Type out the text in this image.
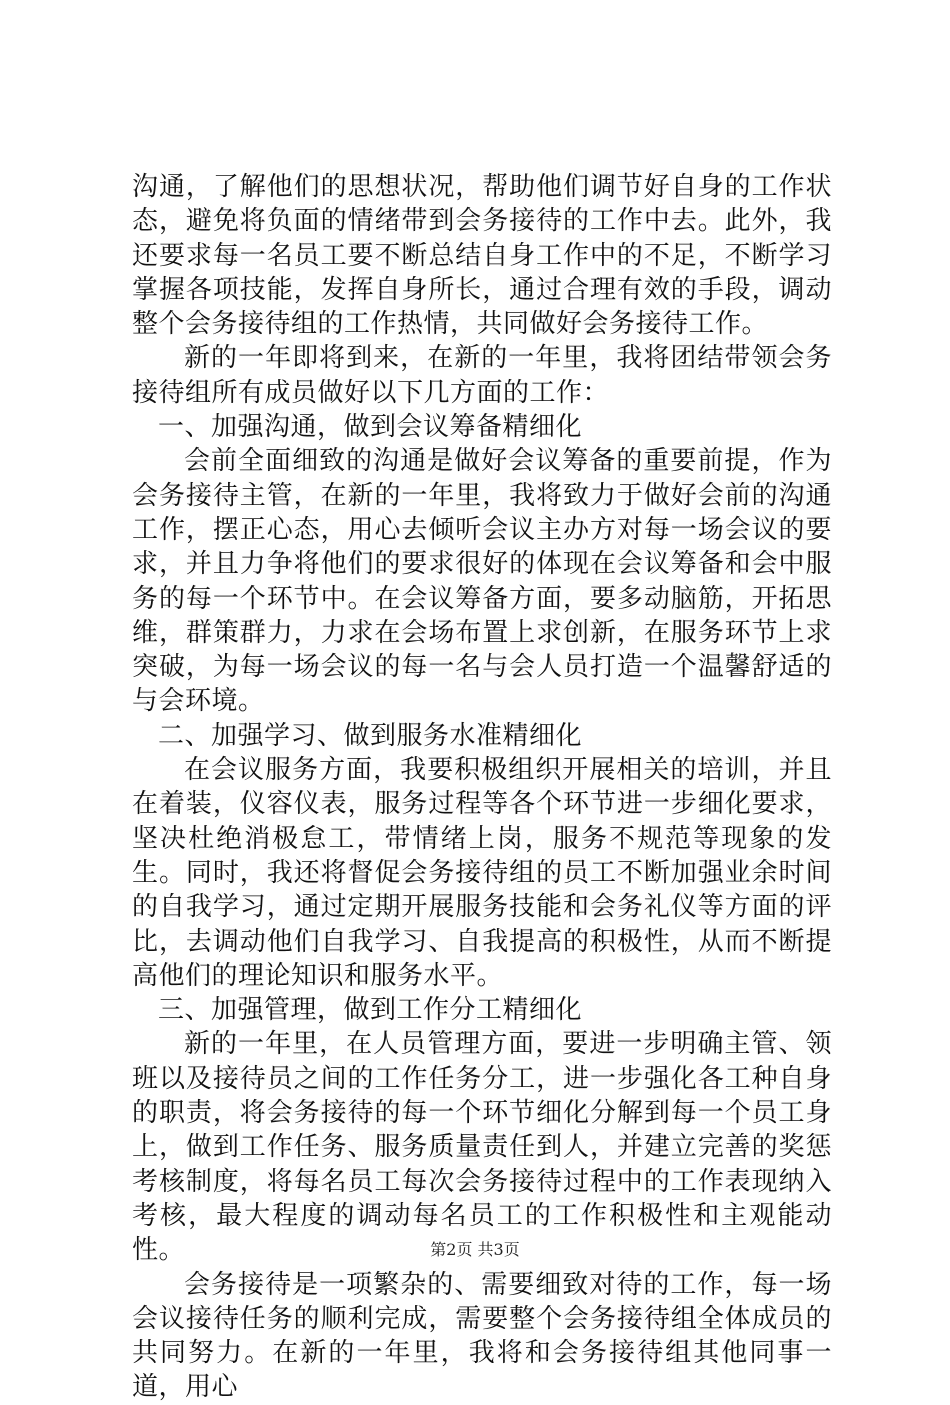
沟通，了解他们的思想状况，帮助他们调节好自身的工作状态，避免将负面的情绪带到会务接待的工作中去。此外，我还要求每一名员工要不断总结自身工作中的不足，不断学习掌握各项技能，发挥自身所长，通过合理有效的手段，调动整个会务接待组的工作热情，共同做好会务接待工作。

新的一年即将到来，在新的一年里，我将团结带领会务接待组所有成员做好以下几方面的工作：

一、加强沟通，做到会议筹备精细化

会前全面细致的沟通是做好会议筹备的重要前提，作为会务接待主管，在新的一年里，我将致力于做好会前的沟通工作，摆正心态，用心去倾听会议主办方对每一场会议的要求，并且力争将他们的要求很好的体现在会议筹备和会中服务的每一个环节中。在会议筹备方面，要多动脑筋，开拓思维，群策群力，力求在会场布置上求创新，在服务环节上求突破，为每一场会议的每一名与会人员打造一个温馨舒适的与会环境。

二、加强学习、做到服务水准精细化

在会议服务方面，我要积极组织开展相关的培训，并且在着装，仪容仪表，服务过程等各个环节进一步细化要求，坚决杜绝消极怠工，带情绪上岗，服务不规范等现象的发生。同时，我还将督促会务接待组的员工不断加强业余时间的自我学习，通过定期开展服务技能和会务礼仪等方面的评比，去调动他们自我学习、自我提高的积极性，从而不断提高他们的理论知识和服务水平。

三、加强管理，做到工作分工精细化

新的一年里，在人员管理方面，要进一步明确主管、领班以及接待员之间的工作任务分工，进一步强化各工种自身的职责，将会务接待的每一个环节细化分解到每一个员工身上，做到工作任务、服务质量责任到人，并建立完善的奖惩考核制度，将每名员工每次会务接待过程中的工作表现纳入考核，最大程度的调动每名员工的工作积极性和主观能动性。

会务接待是一项繁杂的、需要细致对待的工作，每一场会议接待任务的顺利完成，需要整个会务接待组全体成员的共同努力。在新的一年里，我将和会务接待组其他同事一道，用心

第2页 共3页
